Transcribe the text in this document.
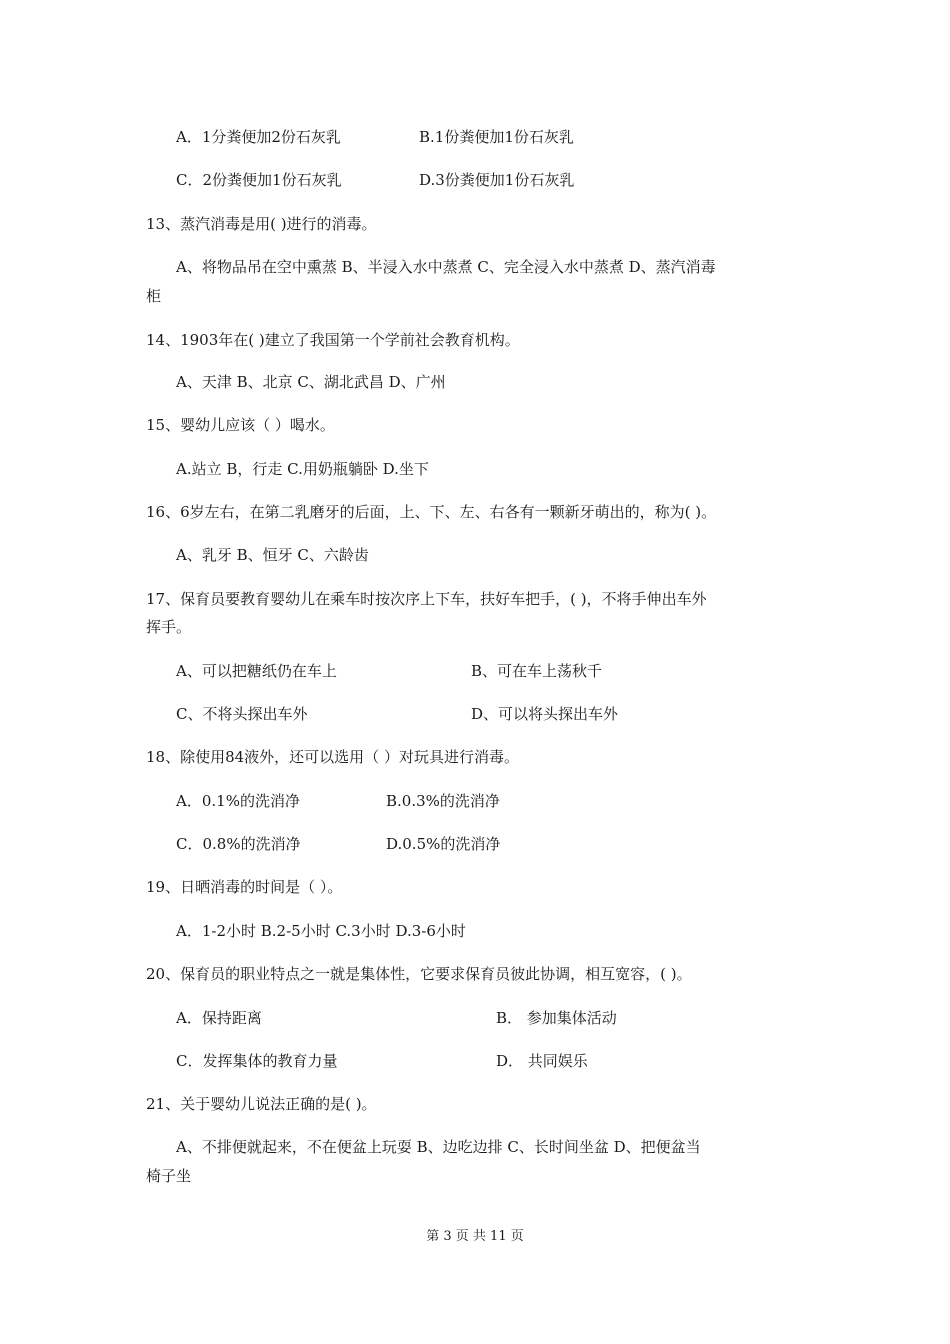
A．1分粪便加2份石灰乳	B.1份粪便加1份石灰乳
C．2份粪便加1份石灰乳	D.3份粪便加1份石灰乳
13、蒸汽消毒是用( )进行的消毒。
A、将物品吊在空中熏蒸 B、半浸入水中蒸煮 C、完全浸入水中蒸煮 D、蒸汽消毒
柜
14、1903年在( )建立了我国第一个学前社会教育机构。
A、天津 B、北京 C、湖北武昌 D、广州
15、婴幼儿应该（ ）喝水。
A.站立 B，行走 C.用奶瓶躺卧 D.坐下
16、6岁左右，在第二乳磨牙的后面，上、下、左、右各有一颗新牙萌出的，称为( )。
A、乳牙 B、恒牙 C、六龄齿
17、保育员要教育婴幼儿在乘车时按次序上下车，扶好车把手，( )，不将手伸出车外
挥手。
A、可以把糖纸仍在车上	B、可在车上荡秋千
C、不将头探出车外	D、可以将头探出车外
18、除使用84液外，还可以选用（ ）对玩具进行消毒。
A．0.1%的洗消净	B.0.3%的洗消净
C．0.8%的洗消净	D.0.5%的洗消净
19、日晒消毒的时间是（ ）。
A．1-2小时 B.2-5小时 C.3小时 D.3-6小时
20、保育员的职业特点之一就是集体性，它要求保育员彼此协调，相互宽容，( )。
A．保持距离	B． 参加集体活动
C．发挥集体的教育力量	D． 共同娱乐
21、关于婴幼儿说法正确的是( )。
A、不排便就起来，不在便盆上玩耍 B、边吃边排 C、长时间坐盆 D、把便盆当
椅子坐
第 3 页 共 11 页
